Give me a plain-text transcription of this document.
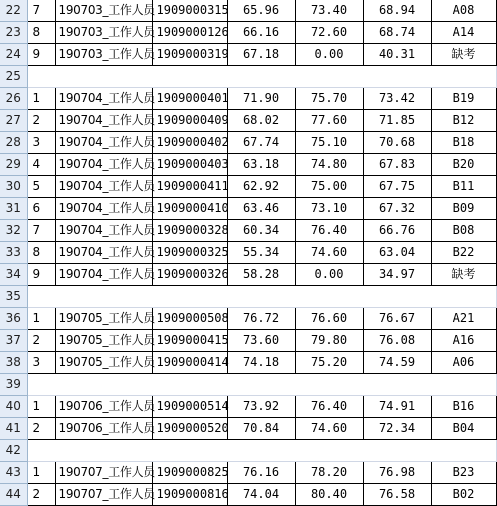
22	7	190703_工作人员	1909000315	65.96	73.40	68.94	A08
23	8	190703_工作人员	1909000126	66.16	72.60	68.74	A14
24	9	190703_工作人员	1909000319	67.18	0.00	40.31	缺考
25							
26	1	190704_工作人员	1909000401	71.90	75.70	73.42	B19
27	2	190704_工作人员	1909000409	68.02	77.60	71.85	B12
28	3	190704_工作人员	1909000402	67.74	75.10	70.68	B18
29	4	190704_工作人员	1909000403	63.18	74.80	67.83	B20
30	5	190704_工作人员	1909000411	62.92	75.00	67.75	B11
31	6	190704_工作人员	1909000410	63.46	73.10	67.32	B09
32	7	190704_工作人员	1909000328	60.34	76.40	66.76	B08
33	8	190704_工作人员	1909000325	55.34	74.60	63.04	B22
34	9	190704_工作人员	1909000326	58.28	0.00	34.97	缺考
35							
36	1	190705_工作人员	1909000508	76.72	76.60	76.67	A21
37	2	190705_工作人员	1909000415	73.60	79.80	76.08	A16
38	3	190705_工作人员	1909000414	74.18	75.20	74.59	A06
39							
40	1	190706_工作人员	1909000514	73.92	76.40	74.91	B16
41	2	190706_工作人员	1909000520	70.84	74.60	72.34	B04
42							
43	1	190707_工作人员	1909000825	76.16	78.20	76.98	B23
44	2	190707_工作人员	1909000816	74.04	80.40	76.58	B02
